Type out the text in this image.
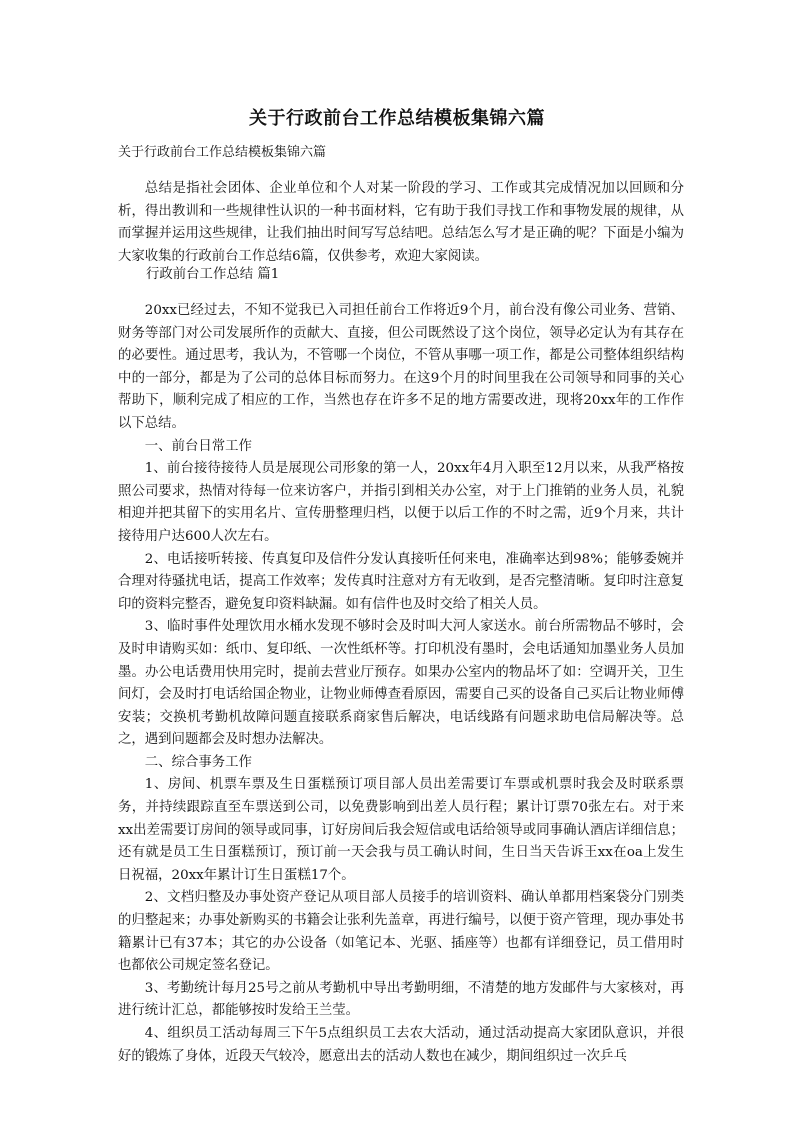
关于行政前台工作总结模板集锦六篇

关于行政前台工作总结模板集锦六篇

总结是指社会团体、企业单位和个人对某一阶段的学习、工作或其完成情况加以回顾和分析，得出教训和一些规律性认识的一种书面材料，它有助于我们寻找工作和事物发展的规律，从而掌握并运用这些规律，让我们抽出时间写写总结吧。总结怎么写才是正确的呢？下面是小编为大家收集的行政前台工作总结6篇，仅供参考，欢迎大家阅读。

行政前台工作总结 篇1

20xx已经过去，不知不觉我已入司担任前台工作将近9个月，前台没有像公司业务、营销、财务等部门对公司发展所作的贡献大、直接，但公司既然设了这个岗位，领导必定认为有其存在的必要性。通过思考，我认为，不管哪一个岗位，不管从事哪一项工作，都是公司整体组织结构中的一部分，都是为了公司的总体目标而努力。在这9个月的时间里我在公司领导和同事的关心帮助下，顺利完成了相应的工作，当然也存在许多不足的地方需要改进，现将20xx年的工作作以下总结。

一、前台日常工作

1、前台接待接待人员是展现公司形象的第一人，20xx年4月入职至12月以来，从我严格按照公司要求，热情对待每一位来访客户，并指引到相关办公室，对于上门推销的业务人员，礼貌相迎并把其留下的实用名片、宣传册整理归档，以便于以后工作的不时之需，近9个月来，共计接待用户达600人次左右。

2、电话接听转接、传真复印及信件分发认真接听任何来电，准确率达到98%；能够委婉并合理对待骚扰电话，提高工作效率；发传真时注意对方有无收到，是否完整清晰。复印时注意复印的资料完整否，避免复印资料缺漏。如有信件也及时交给了相关人员。

3、临时事件处理饮用水桶水发现不够时会及时叫大河人家送水。前台所需物品不够时，会及时申请购买如：纸巾、复印纸、一次性纸杯等。打印机没有墨时，会电话通知加墨业务人员加墨。办公电话费用快用完时，提前去营业厅预存。如果办公室内的物品坏了如：空调开关，卫生间灯，会及时打电话给国企物业，让物业师傅查看原因，需要自己买的设备自己买后让物业师傅安装；交换机考勤机故障问题直接联系商家售后解决，电话线路有问题求助电信局解决等。总之，遇到问题都会及时想办法解决。

二、综合事务工作

1、房间、机票车票及生日蛋糕预订项目部人员出差需要订车票或机票时我会及时联系票务，并持续跟踪直至车票送到公司，以免费影响到出差人员行程；累计订票70张左右。对于来xx出差需要订房间的领导或同事，订好房间后我会短信或电话给领导或同事确认酒店详细信息；还有就是员工生日蛋糕预订，预订前一天会我与员工确认时间，生日当天告诉王xx在oa上发生日祝福，20xx年累计订生日蛋糕17个。

2、文档归整及办事处资产登记从项目部人员接手的培训资料、确认单都用档案袋分门别类的归整起来；办事处新购买的书籍会让张利先盖章，再进行编号，以便于资产管理，现办事处书籍累计已有37本；其它的办公设备（如笔记本、光驱、插座等）也都有详细登记，员工借用时也都依公司规定签名登记。

3、考勤统计每月25号之前从考勤机中导出考勤明细，不清楚的地方发邮件与大家核对，再进行统计汇总，都能够按时发给王兰莹。

4、组织员工活动每周三下午5点组织员工去农大活动，通过活动提高大家团队意识，并很好的锻炼了身体，近段天气较冷，愿意出去的活动人数也在减少，期间组织过一次乒乓
